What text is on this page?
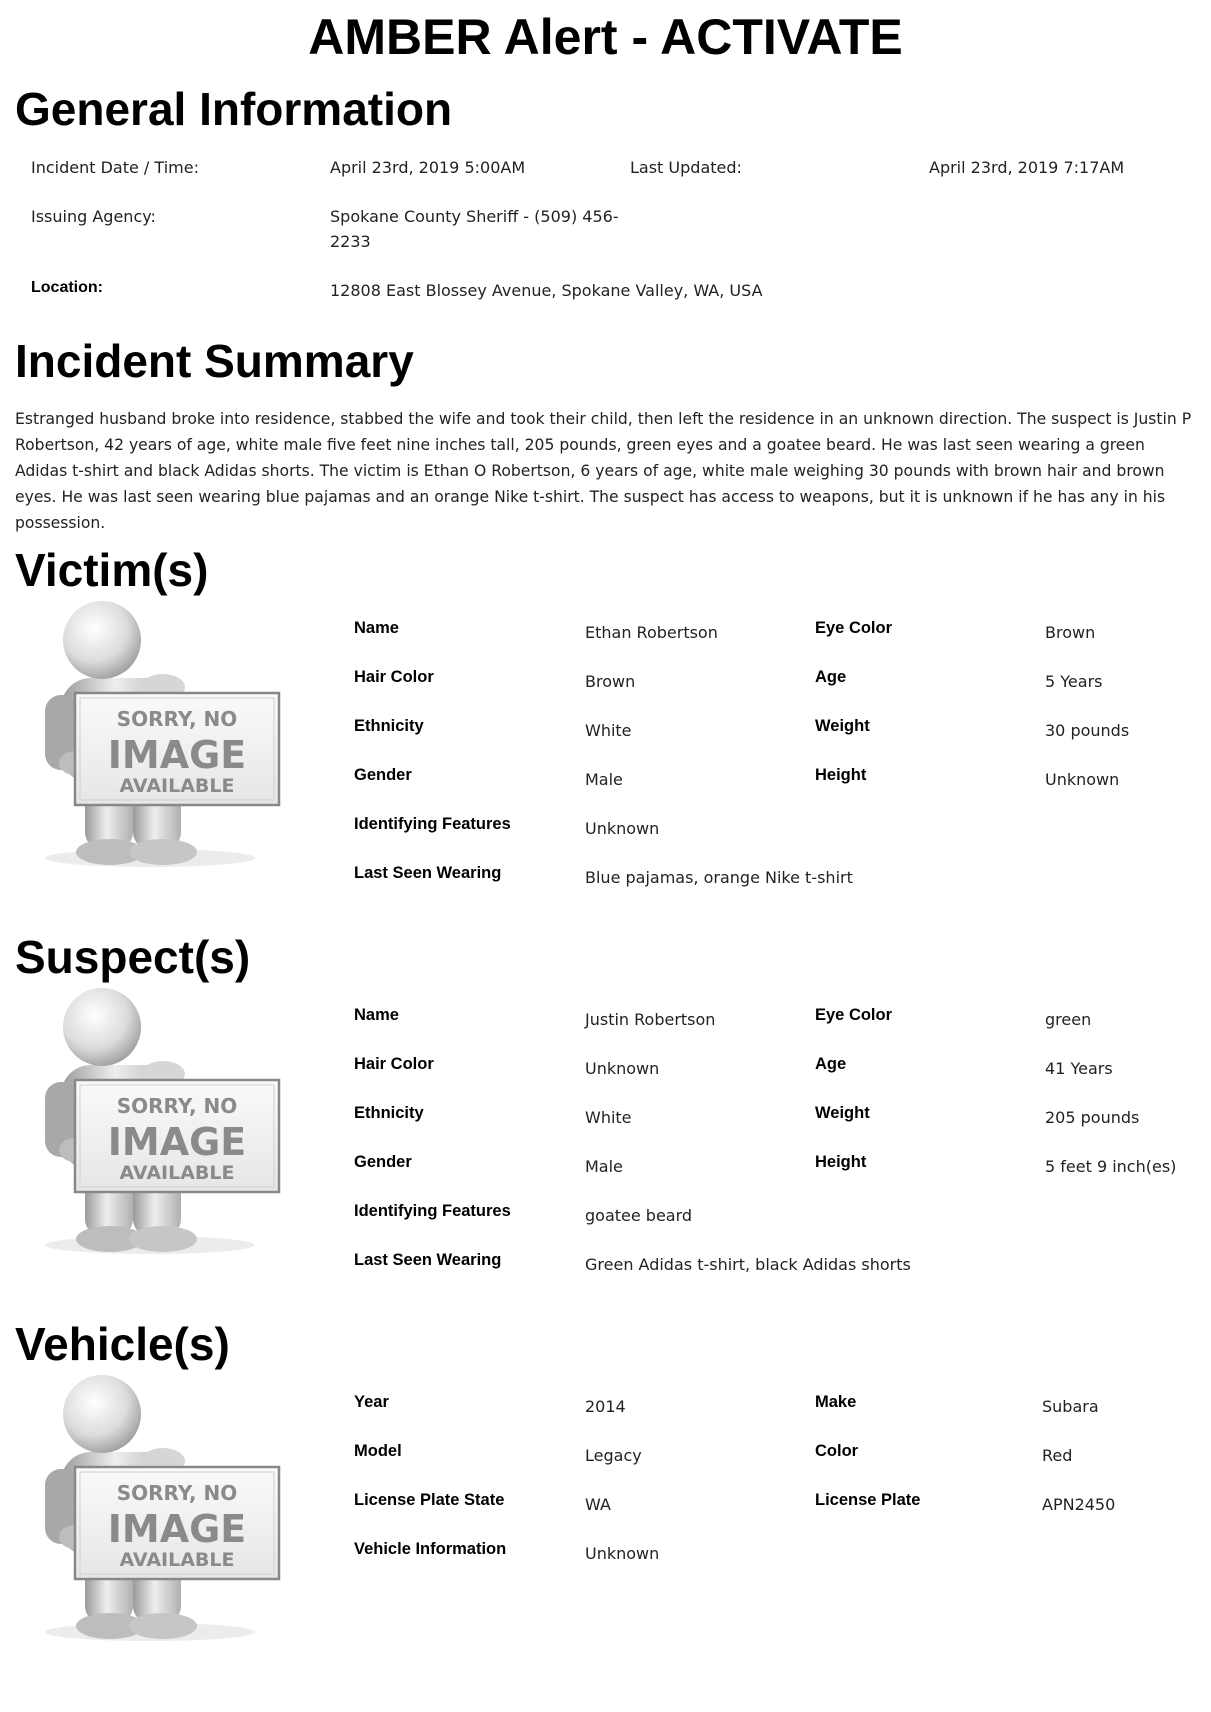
AMBER Alert - ACTIVATE
General Information
Incident Date / Time:	April 23rd, 2019 5:00AM	Last Updated:	April 23rd, 2019 7:17AM
Issuing Agency:	Spokane County Sheriff - (509) 456-
2233
Location:	12808 East Blossey Avenue, Spokane Valley, WA, USA
Incident Summary

Estranged husband broke into residence, stabbed the wife and took their child, then left the residence in an unknown direction. The suspect is Justin P Robertson, 42 years of age, white male five feet nine inches tall, 205 pounds, green eyes and a goatee beard. He was last seen wearing a green Adidas t-shirt and black Adidas shorts. The victim is Ethan O Robertson, 6 years of age, white male weighing 30 pounds with brown hair and brown eyes. He was last seen wearing blue pajamas and an orange Nike t-shirt. The suspect has access to weapons, but it is unknown if he has any in his possession.

Victim(s)
SORRY, NO
IMAGE
AVAILABLE
Name	Ethan Robertson	Eye Color	Brown
Hair Color	Brown	Age	5 Years
Ethnicity	White	Weight	30 pounds
Gender	Male	Height	Unknown
Identifying Features	Unknown
Last Seen Wearing	Blue pajamas, orange Nike t-shirt
Suspect(s)
SORRY, NO
IMAGE
AVAILABLE
Name	Justin Robertson	Eye Color	green
Hair Color	Unknown	Age	41 Years
Ethnicity	White	Weight	205 pounds
Gender	Male	Height	5 feet 9 inch(es)
Identifying Features	goatee beard
Last Seen Wearing	Green Adidas t-shirt, black Adidas shorts
Vehicle(s)
SORRY, NO
IMAGE
AVAILABLE
Year	2014	Make	Subara
Model	Legacy	Color	Red
License Plate State	WA	License Plate	APN2450
Vehicle Information	Unknown
